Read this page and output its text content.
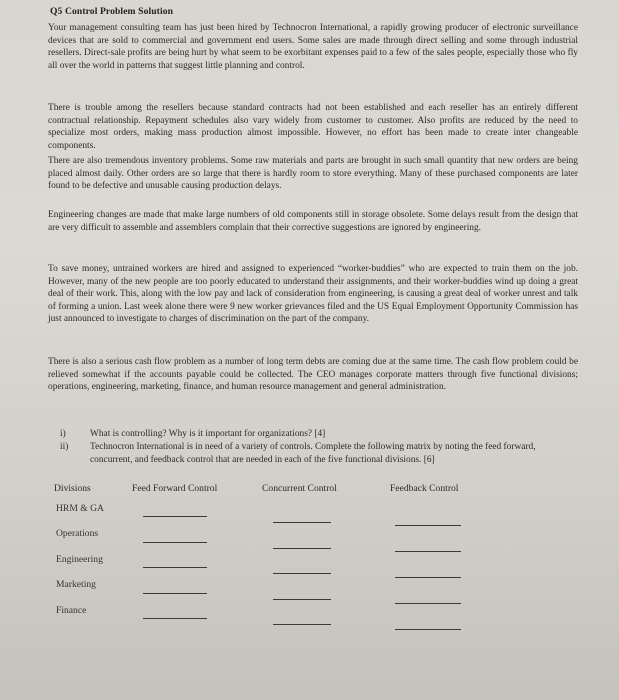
Q5 Control Problem Solution
Your management consulting team has just been hired by Technocron International, a rapidly growing producer of electronic surveillance devices that are sold to commercial and government end users. Some sales are made through direct selling and some through industrial resellers. Direct-sale profits are being hurt by what seem to be exorbitant expenses paid to a few of the sales people, especially those who fly all over the world in patterns that suggest little planning and control.
There is trouble among the resellers because standard contracts had not been established and each reseller has an entirely different contractual relationship. Repayment schedules also vary widely from customer to customer. Also profits are reduced by the need to specialize most orders, making mass production almost impossible. However, no effort has been made to create inter changeable components.
There are also tremendous inventory problems. Some raw materials and parts are brought in such small quantity that new orders are being placed almost daily. Other orders are so large that there is hardly room to store everything. Many of these purchased components are later found to be defective and unusable causing production delays.
Engineering changes are made that make large numbers of old components still in storage obsolete. Some delays result from the design that are very difficult to assemble and assemblers complain that their corrective suggestions are ignored by engineering.
To save money, untrained workers are hired and assigned to experienced “worker-buddies” who are expected to train them on the job. However, many of the new people are too poorly educated to understand their assignments, and their worker-buddies wind up doing a great deal of their work. This, along with the low pay and lack of consideration from engineering, is causing a great deal of worker unrest and talk of forming a union. Last week alone there were 9 new worker grievances filed and the US Equal Employment Opportunity Commission has just announced to investigate to charges of discrimination on the part of the company.
There is also a serious cash flow problem as a number of long term debts are coming due at the same time. The cash flow problem could be relieved somewhat if the accounts payable could be collected. The CEO manages corporate matters through five functional divisions; operations, engineering, marketing, finance, and human resource management and general administration.
i)	What is controlling? Why is it important for organizations? [4]
ii) Technocron International is in need of a variety of controls. Complete the following matrix by noting the feed forward, concurrent, and feedback control that are needed in each of the five functional divisions. [6]
Divisions	Feed Forward Control	Concurrent Control	Feedback Control
HRM & GA
Operations
Engineering
Marketing
Finance
